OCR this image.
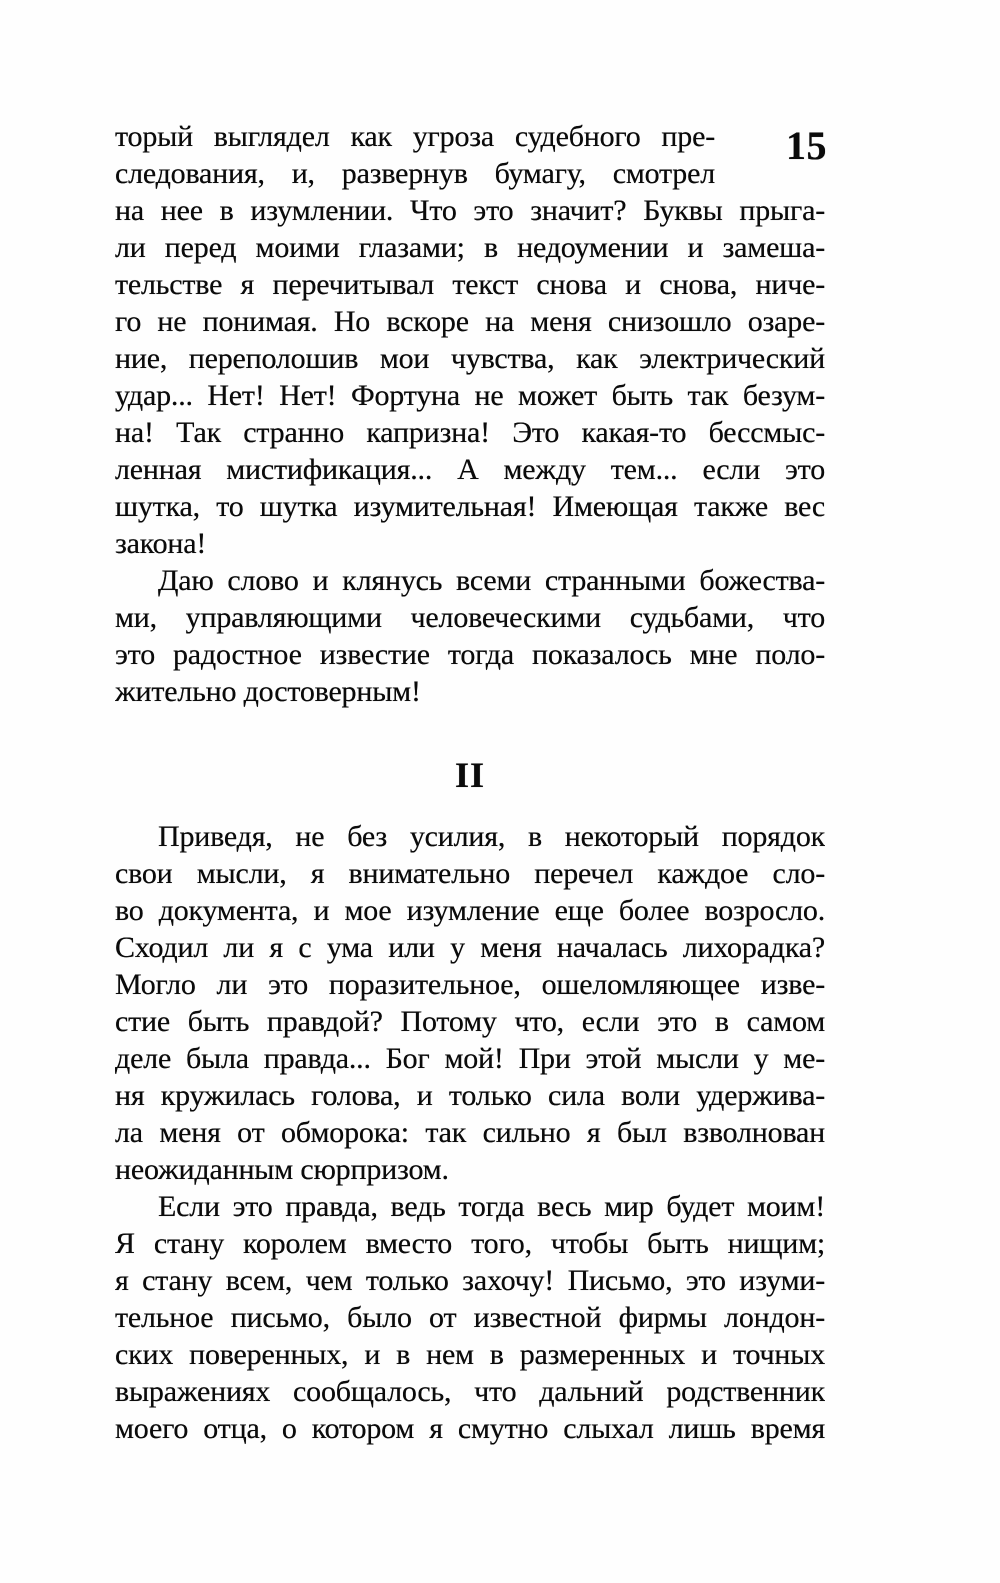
15
торый выглядел как угроза судебного пре-
следования, и, развернув бумагу, смотрел
на нее в изумлении. Что это значит? Буквы прыга-
ли перед моими глазами; в недоумении и замеша-
тельстве я перечитывал текст снова и снова, ниче-
го не понимая. Но вскоре на меня снизошло озаре-
ние, переполошив мои чувства, как электрический
удар... Нет! Нет! Фортуна не может быть так безум-
на! Так странно капризна! Это какая-то бессмыс-
ленная мистификация... А между тем... если это
шутка, то шутка изумительная! Имеющая также вес
закона!
Даю слово и клянусь всеми странными божества-
ми, управляющими человеческими судьбами, что
это радостное известие тогда показалось мне поло-
жительно достоверным!
II
Приведя, не без усилия, в некоторый порядок
свои мысли, я внимательно перечел каждое сло-
во документа, и мое изумление еще более возросло.
Сходил ли я с ума или у меня началась лихорадка?
Могло ли это поразительное, ошеломляющее изве-
стие быть правдой? Потому что, если это в самом
деле была правда... Бог мой! При этой мысли у ме-
ня кружилась голова, и только сила воли удержива-
ла меня от обморока: так сильно я был взволнован
неожиданным сюрпризом.
Если это правда, ведь тогда весь мир будет моим!
Я стану королем вместо того, чтобы быть нищим;
я стану всем, чем только захочу! Письмо, это изуми-
тельное письмо, было от известной фирмы лондон-
ских поверенных, и в нем в размеренных и точных
выражениях сообщалось, что дальний родственник
моего отца, о котором я смутно слыхал лишь время
